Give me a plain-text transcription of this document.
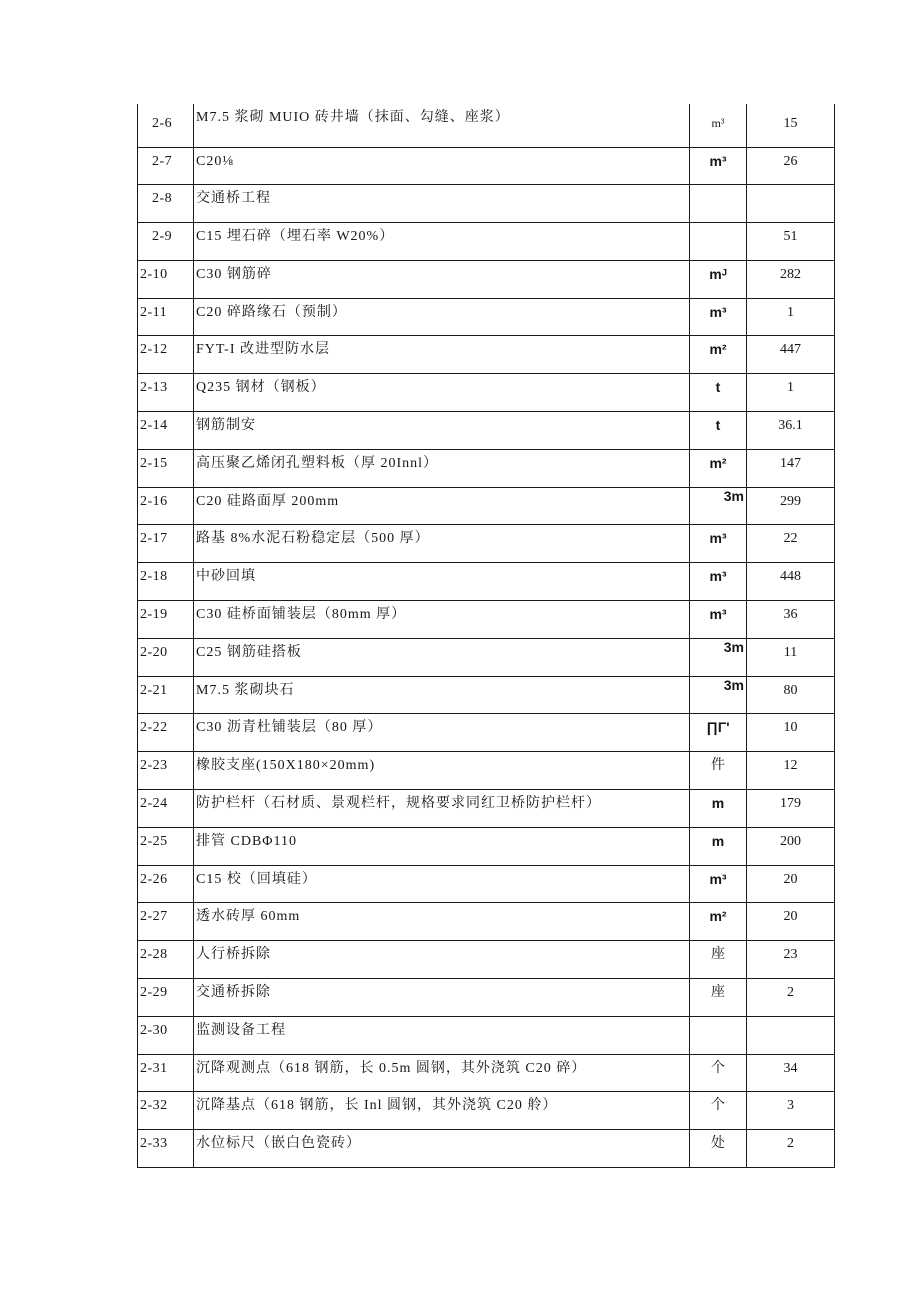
2-6	M7.5 浆砌 MUIO 砖井墙（抹面、勾缝、座浆）	m³	15
2-7	C20⅛	m³	26
2-8	交通桥工程		
2-9	C15 埋石碎（埋石率 W20%）		51
2-10	C30 钢筋碎	mᴶ	282
2-11	C20 碎路缘石（预制）	m³	1
2-12	FYT-I 改进型防水层	m²	447
2-13	Q235 钢材（钢板）	t	1
2-14	钢筋制安	t	36.1
2-15	高压聚乙烯闭孔塑料板（厚 20Innl）	m²	147
2-16	C20 硅路面厚 200mm	3m	299
2-17	路基 8%水泥石粉稳定层（500 厚）	m³	22
2-18	中砂回填	m³	448
2-19	C30 硅桥面铺装层（80mm 厚）	m³	36
2-20	C25 钢筋硅搭板	3m	11
2-21	M7.5 浆砌块石	3m	80
2-22	C30 沥青杜铺装层（80 厚）	∏Γ'	10
2-23	橡胶支座(150X180×20mm)	件	12
2-24	防护栏杆（石材质、景观栏杆，规格要求同红卫桥防护栏杆）	m	179
2-25	排管 CDBΦ110	m	200
2-26	C15 校（回填硅）	m³	20
2-27	透水砖厚 60mm	m²	20
2-28	人行桥拆除	座	23
2-29	交通桥拆除	座	2
2-30	监测设备工程		
2-31	沉降观测点（618 钢筋，长 0.5m 圆钢，其外浇筑 C20 碎）	个	34
2-32	沉降基点（618 钢筋，长 Inl 圆钢，其外浇筑 C20 舲）	个	3
2-33	水位标尺（嵌白色瓷砖）	处	2
